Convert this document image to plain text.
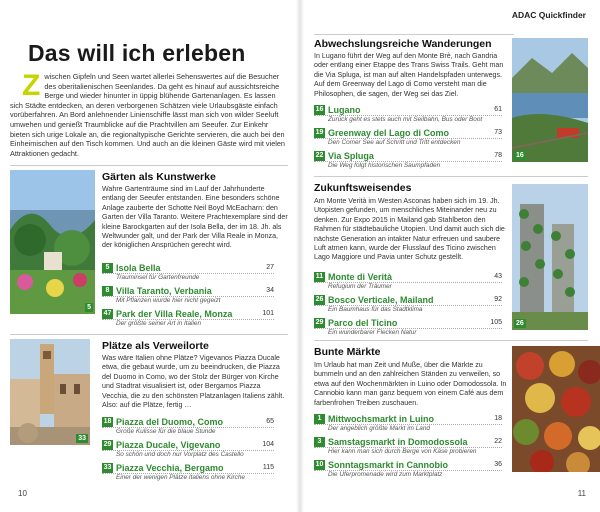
Das will ich erleben
Zwischen Gipfeln und Seen wartet allerlei Sehenswertes auf die Besucher des oberitalienischen Seenlandes. Da geht es hinauf auf aussichtsreiche Berge und wieder hinunter in üppig blühende Gartenanlagen. Es lassen sich Städte entdecken, an deren verborgenen Schätzen viele Urlaubsgäste einfach vorüberfahren. An Bord anlehnender Linienschiffe lässt man sich von wilder Seeluft umwehen und genießt Traumblicke auf die Prachtvillen am Seeufer. Zur Einkehr bieten sich urige Lokale an, die regionaltypische Gerichte servieren, die auch bei den Einheimischen auf den Tisch kommen. Und auch an die kleinen Gäste wird mit vielen Attraktionen gedacht.
5
Gärten als Kunstwerke
Wahre Gartenträume sind im Lauf der Jahrhunderte entlang der Seeufer entstanden. Eine besonders schöne Anlage zauberte der Schotte Neil Boyd McEacharn: den Garten der Villa Taranto. Weitere Prachtexemplare sind der kleine Barockgarten auf der Isola Bella, der im 18. Jh. als Weltwunder galt, und der Park der Villa Reale in Monza, der königlichen Ansprüchen gerecht wird.
5 Isola Bella	27
Trauminsel für Gartenfreunde
8 Villa Taranto, Verbania	34
Mit Pflanzen wurde hier nicht gegeizt
47 Park der Villa Reale, Monza	101
Der größte seiner Art in Italien
33
Plätze als Verweilorte
Was wäre Italien ohne Plätze? Vigevanos Piazza Ducale etwa, die gebaut wurde, um zu beeindrucken, die Piazza del Duomo in Como, wo der Stolz der Bürger von Kirche und Stadtrat visualisiert ist, oder Bergamos Piazza Vecchia, die zu den schönsten Platzanlagen Italiens zählt. Also: auf die Plätze, fertig …
18 Piazza del Duomo, Como	65
Große Kulisse für die blaue Stunde
29 Piazza Ducale, Vigevano	104
So schön und doch nur Vorplatz des Castello
33 Piazza Vecchia, Bergamo	115
Einer der wenigen Plätze Italiens ohne Kirche
10
ADAC Quickfinder
Abwechslungsreiche Wanderungen
In Lugano führt der Weg auf den Monte Brè, nach Gandria oder entlang einer Etappe des Trans Swiss Trails. Geht man die Via Spluga, ist man auf alten Handelspfaden unterwegs. Auf dem Greenway del Lago di Como versteht man die Philosophen, die sagen, der Weg sei das Ziel.
16 Lugano	61
Zurück geht es stets auch mit Seilbahn, Bus oder Boot
19 Greenway del Lago di Como	73
Den Comer See auf Schritt und Tritt entdecken
22 Via Spluga	78
Die Weg folgt historischen Saumpfaden
16
Zukunftsweisendes
Am Monte Verità im Westen Asconas haben sich im 19. Jh. Utopisten gefunden, um menschliches Miteinander neu zu denken. Zur Expo 2015 in Mailand gab Stahlbeton den Rahmen für städtebauliche Utopien. Und damit auch sich die nächste Generation an intakter Natur erfreuen und saubere Luft atmen kann, wurde der Flusslauf des Ticino zwischen Lago Maggiore und Pavia unter Schutz gestellt.
11 Monte di Verità	43
Refugium der Träumer
26 Bosco Verticale, Mailand	92
Ein Baumhaus für das Stadtklima
29 Parco del Ticino	105
Ein wunderbarer Flecken Natur
26
Bunte Märkte
Im Urlaub hat man Zeit und Muße, über die Märkte zu bummeln und an den zahlreichen Ständen zu verweilen, so etwa auf den Wochenmärkten in Luino oder Domodossola. In Cannobio kann man ganz bequem von einem Café aus dem farbenfrohen Treiben zuschauen.
1 Mittwochsmarkt in Luino	18
Der angeblich größte Markt im Land
3 Samstagsmarkt in Domodossola	22
Hier kann man sich durch Berge von Käse probieren
10 Sonntagsmarkt in Cannobio	36
Die Uferpromenade wird zum Marktplatz
11
